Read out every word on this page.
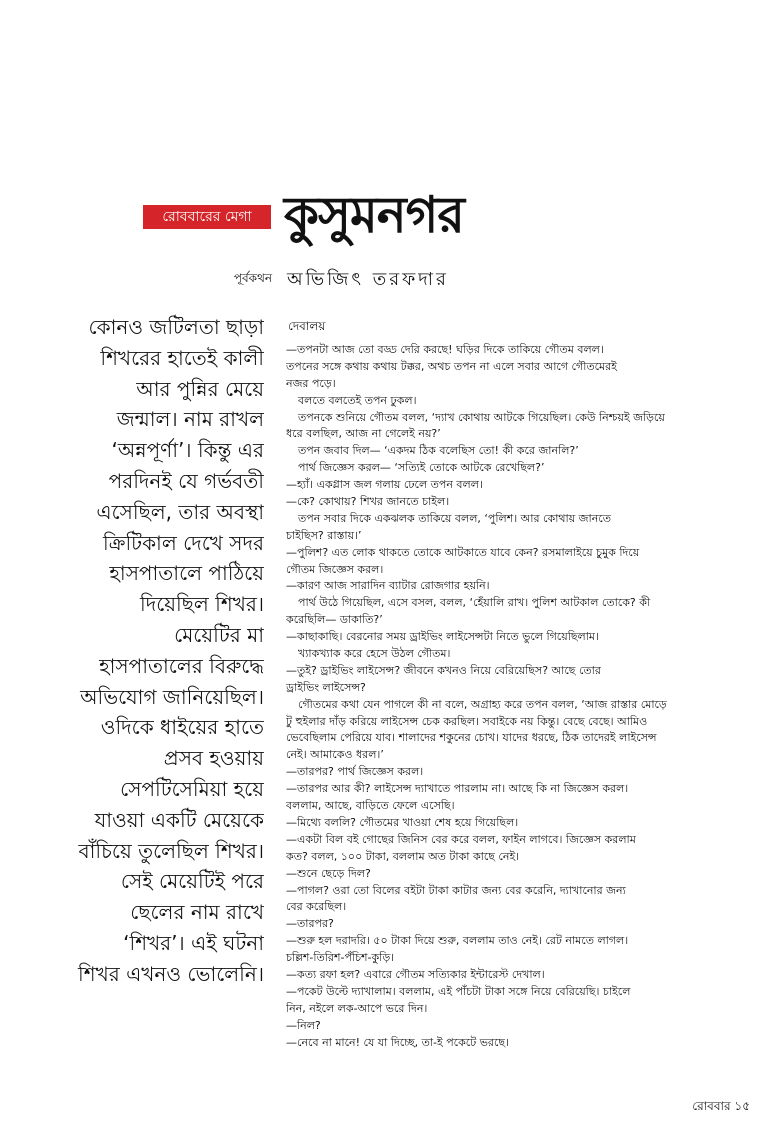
রোববারের মেগা কুসুমনগর
পূর্বকথন অভিজিৎ তরফদার
কোনও জটিলতা ছাড়া
শিখরের হাতেই কালী
আর পুন্নির মেয়ে
জন্মাল। নাম রাখল
‘অন্নপূর্ণা’। কিন্তু এর
পরদিনই যে গর্ভবতী
এসেছিল, তার অবস্থা
ক্রিটিকাল দেখে সদর
হাসপাতালে পাঠিয়ে
দিয়েছিল শিখর।
মেয়েটির মা
হাসপাতালের বিরুদ্ধে
অভিযোগ জানিয়েছিল।
ওদিকে ধাইয়ের হাতে
প্রসব হওয়ায়
সেপটিসেমিয়া হয়ে
যাওয়া একটি মেয়েকে
বাঁচিয়ে তুলেছিল শিখর।
সেই মেয়েটিই পরে
ছেলের নাম রাখে
‘শিখর’। এই ঘটনা
শিখর এখনও ভোলেনি।
দেবালয়
—তপনটা আজ তো বড্ড দেরি করছে! ঘড়ির দিকে তাকিয়ে গৌতম বলল।
তপনের সঙ্গে কথায় কথায় টক্কর, অথচ তপন না এলে সবার আগে গৌতমেরই
নজর পড়ে।
বলতে বলতেই তপন ঢুকল।
তপনকে শুনিয়ে গৌতম বলল, ‘দ্যাখ কোথায় আটকে গিয়েছিল। কেউ নিশ্চয়ই জড়িয়ে
ধরে বলছিল, আজ না গেলেই নয়?’
তপন জবাব দিল— ‘একদম ঠিক বলেছিস তো! কী করে জানলি?’
পার্থ জিজ্ঞেস করল— ‘সত্যিই তোকে আটকে রেখেছিল?’
—হ্যাঁ। একগ্লাস জল গলায় ঢেলে তপন বলল।
—কে? কোথায়? শিখর জানতে চাইল।
তপন সবার দিকে একঝলক তাকিয়ে বলল, ‘পুলিশ। আর কোথায় জানতে
চাইছিস? রাস্তায়।’
—পুলিশ? এত লোক থাকতে তোকে আটকাতে যাবে কেন? রসমালাইয়ে চুমুক দিয়ে
গৌতম জিজ্ঞেস করল।
—কারণ আজ সারাদিন ব্যাটার রোজগার হয়নি।
পার্থ উঠে গিয়েছিল, এসে বসল, বলল, ‘হেঁয়ালি রাখ। পুলিশ আটকাল তোকে? কী
করেছিলি— ডাকাতি?’
—কাছাকাছি। বেরনোর সময় ড্রাইভিং লাইসেন্সটা নিতে ভুলে গিয়েছিলাম।
খ্যাকখ্যাক করে হেসে উঠল গৌতম।
—তুই? ড্রাইভিং লাইসেন্স? জীবনে কখনও নিয়ে বেরিয়েছিস? আছে তোর
ড্রাইভিং লাইসেন্স?
গৌতমের কথা যেন পাগলে কী না বলে, অগ্রাহ্য করে তপন বলল, ‘আজ রাস্তার মোড়ে
টু হুইলার দাঁড় করিয়ে লাইসেন্স চেক করছিল। সবাইকে নয় কিন্তু। বেছে বেছে। আমিও
ভেবেছিলাম পেরিয়ে যাব। শালাদের শকুনের চোখ। যাদের ধরছে, ঠিক তাদেরই লাইসেন্স
নেই। আমাকেও ধরল।’
—তারপর? পার্থ জিজ্ঞেস করল।
—তারপর আর কী? লাইসেন্স দ্যাখাতে পারলাম না। আছে কি না জিজ্ঞেস করল।
বললাম, আছে, বাড়িতে ফেলে এসেছি।
—মিথ্যে বললি? গৌতমের খাওয়া শেষ হয়ে গিয়েছিল।
—একটা বিল বই গোছের জিনিস বের করে বলল, ফাইন লাগবে। জিজ্ঞেস করলাম
কত? বলল, ১০০ টাকা, বললাম অত টাকা কাছে নেই।
—শুনে ছেড়ে দিল?
—পাগল? ওরা তো বিলের বইটা টাকা কাটার জন্য বের করেনি, দ্যাখানোর জন্য
বের করেছিল।
—তারপর?
—শুরু হল দরাদরি। ৫০ টাকা দিয়ে শুরু, বললাম তাও নেই। রেট নামতে লাগল।
চল্লিশ-তিরিশ-পঁচিশ-কুড়ি।
—কত্য রফা হল? এবারে গৌতম সত্যিকার ইন্টারেস্ট দেখাল।
—পকেট উল্টে দ্যাখালাম। বললাম, এই পাঁচটা টাকা সঙ্গে নিয়ে বেরিয়েছি। চাইলে
নিন, নইলে লক-আপে ভরে দিন।
—নিল?
—নেবে না মানে! যে যা দিচ্ছে, তা-ই পকেটে ভরছে।
রোববার ১৫
